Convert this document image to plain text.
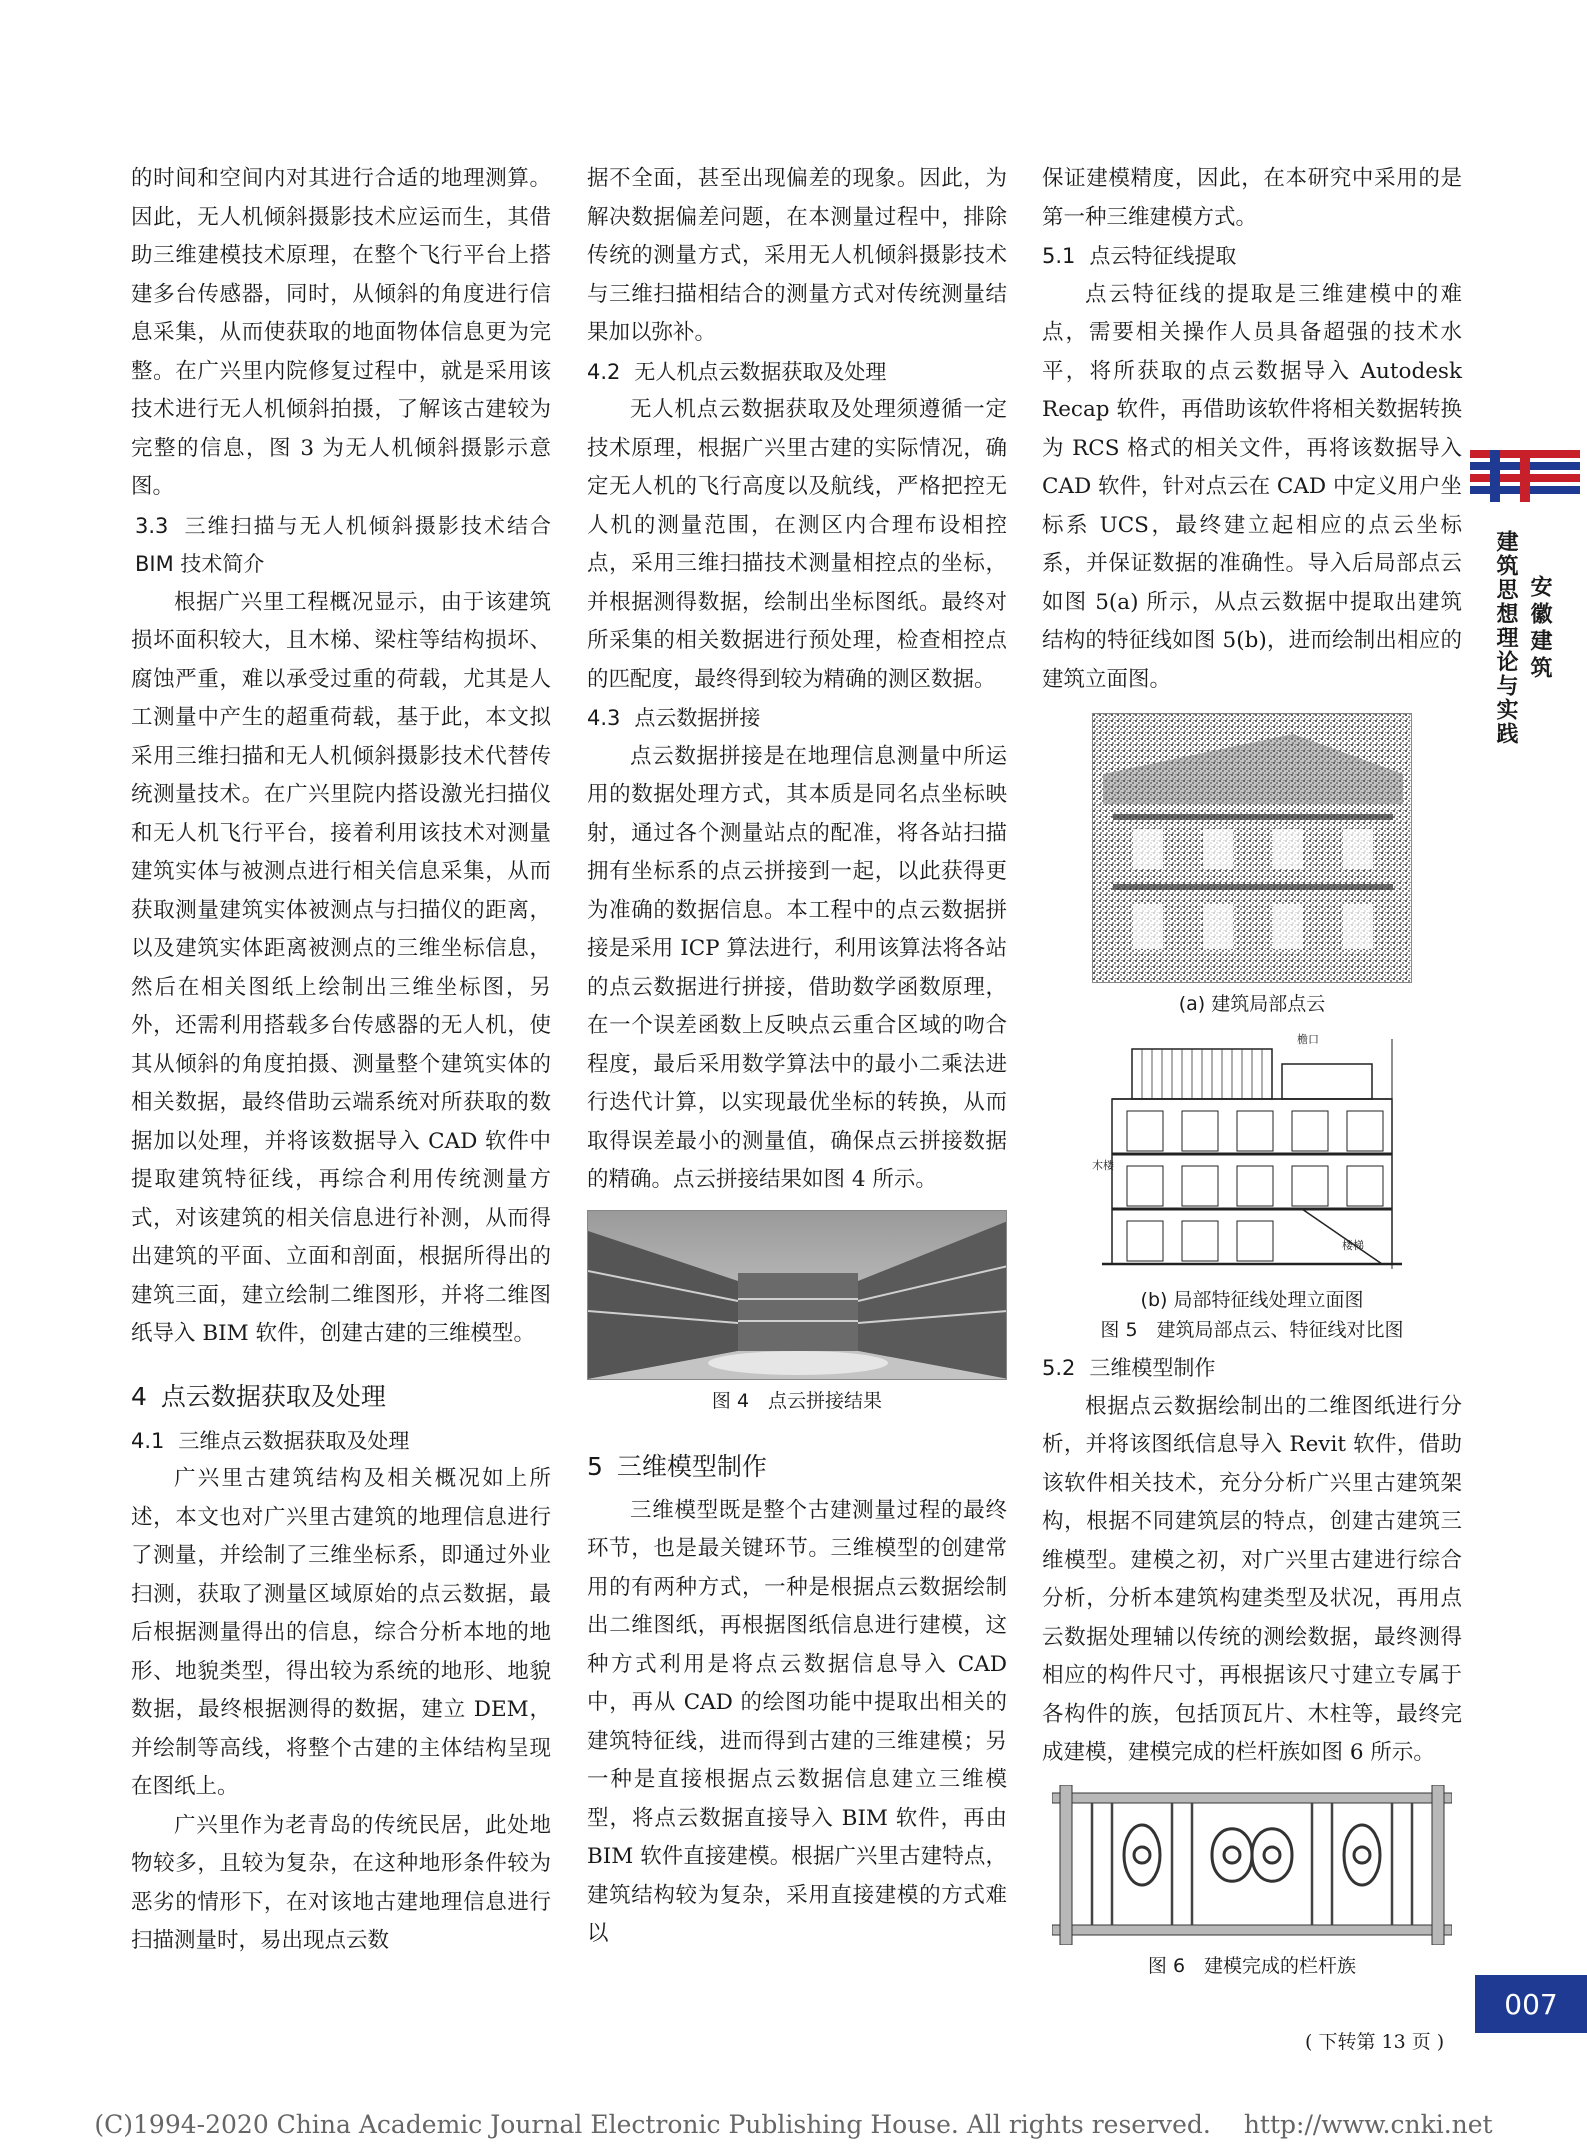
的时间和空间内对其进行合适的地理测算。因此，无人机倾斜摄影技术应运而生，其借助三维建模技术原理，在整个飞行平台上搭建多台传感器，同时，从倾斜的角度进行信息采集，从而使获取的地面物体信息更为完整。在广兴里内院修复过程中，就是采用该技术进行无人机倾斜拍摄，了解该古建较为完整的信息，图 3 为无人机倾斜摄影示意图。

3.3 三维扫描与无人机倾斜摄影技术结合 BIM 技术简介

根据广兴里工程概况显示，由于该建筑损坏面积较大，且木梯、梁柱等结构损坏、腐蚀严重，难以承受过重的荷载，尤其是人工测量中产生的超重荷载，基于此，本文拟采用三维扫描和无人机倾斜摄影技术代替传统测量技术。在广兴里院内搭设激光扫描仪和无人机飞行平台，接着利用该技术对测量建筑实体与被测点进行相关信息采集，从而获取测量建筑实体被测点与扫描仪的距离，以及建筑实体距离被测点的三维坐标信息，然后在相关图纸上绘制出三维坐标图，另外，还需利用搭载多台传感器的无人机，使其从倾斜的角度拍摄、测量整个建筑实体的相关数据，最终借助云端系统对所获取的数据加以处理，并将该数据导入 CAD 软件中提取建筑特征线，再综合利用传统测量方式，对该建筑的相关信息进行补测，从而得出建筑的平面、立面和剖面，根据所得出的建筑三面，建立绘制二维图形，并将二维图纸导入 BIM 软件，创建古建的三维模型。

4 点云数据获取及处理
4.1 三维点云数据获取及处理

广兴里古建筑结构及相关概况如上所述，本文也对广兴里古建筑的地理信息进行了测量，并绘制了三维坐标系，即通过外业扫测，获取了测量区域原始的点云数据，最后根据测量得出的信息，综合分析本地的地形、地貌类型，得出较为系统的地形、地貌数据，最终根据测得的数据，建立 DEM，并绘制等高线，将整个古建的主体结构呈现在图纸上。

广兴里作为老青岛的传统民居，此处地物较多，且较为复杂，在这种地形条件较为恶劣的情形下，在对该地古建地理信息进行扫描测量时，易出现点云数

据不全面，甚至出现偏差的现象。因此，为解决数据偏差问题，在本测量过程中，排除传统的测量方式，采用无人机倾斜摄影技术与三维扫描相结合的测量方式对传统测量结果加以弥补。

4.2 无人机点云数据获取及处理

无人机点云数据获取及处理须遵循一定技术原理，根据广兴里古建的实际情况，确定无人机的飞行高度以及航线，严格把控无人机的测量范围，在测区内合理布设相控点，采用三维扫描技术测量相控点的坐标，并根据测得数据，绘制出坐标图纸。最终对所采集的相关数据进行预处理，检查相控点的匹配度，最终得到较为精确的测区数据。

4.3 点云数据拼接

点云数据拼接是在地理信息测量中所运用的数据处理方式，其本质是同名点坐标映射，通过各个测量站点的配准，将各站扫描拥有坐标系的点云拼接到一起，以此获得更为准确的数据信息。本工程中的点云数据拼接是采用 ICP 算法进行，利用该算法将各站的点云数据进行拼接，借助数学函数原理，在一个误差函数上反映点云重合区域的吻合程度，最后采用数学算法中的最小二乘法进行迭代计算，以实现最优坐标的转换，从而取得误差最小的测量值，确保点云拼接数据的精确。点云拼接结果如图 4 所示。

图 4　点云拼接结果
5 三维模型制作

三维模型既是整个古建测量过程的最终环节，也是最关键环节。三维模型的创建常用的有两种方式，一种是根据点云数据绘制出二维图纸，再根据图纸信息进行建模，这种方式利用是将点云数据信息导入 CAD 中，再从 CAD 的绘图功能中提取出相关的建筑特征线，进而得到古建的三维建模；另一种是直接根据点云数据信息建立三维模型，将点云数据直接导入 BIM 软件，再由 BIM 软件直接建模。根据广兴里古建特点，建筑结构较为复杂，采用直接建模的方式难以

保证建模精度，因此，在本研究中采用的是第一种三维建模方式。

5.1 点云特征线提取

点云特征线的提取是三维建模中的难点，需要相关操作人员具备超强的技术水平，将所获取的点云数据导入 Autodesk Recap 软件，再借助该软件将相关数据转换为 RCS 格式的相关文件，再将该数据导入 CAD 软件，针对点云在 CAD 中定义用户坐标系 UCS，最终建立起相应的点云坐标系，并保证数据的准确性。导入后局部点云如图 5(a) 所示，从点云数据中提取出建筑结构的特征线如图 5(b)，进而绘制出相应的建筑立面图。

(a) 建筑局部点云
檐口
木楼
楼梯
(b) 局部特征线处理立面图
图 5　建筑局部点云、特征线对比图
5.2 三维模型制作

根据点云数据绘制出的二维图纸进行分析，并将该图纸信息导入 Revit 软件，借助该软件相关技术，充分分析广兴里古建筑架构，根据不同建筑层的特点，创建古建筑三维模型。建模之初，对广兴里古建进行综合分析，分析本建筑构建类型及状况，再用点云数据处理辅以传统的测绘数据，最终测得相应的构件尺寸，再根据该尺寸建立专属于各构件的族，包括顶瓦片、木柱等，最终完成建模，建模完成的栏杆族如图 6 所示。

图 6　建模完成的栏杆族
建筑思想理论与实践 安徽建筑
007
( 下转第 13 页 )
(C)1994-2020 China Academic Journal Electronic Publishing House. All rights reserved.　 http://www.cnki.net
